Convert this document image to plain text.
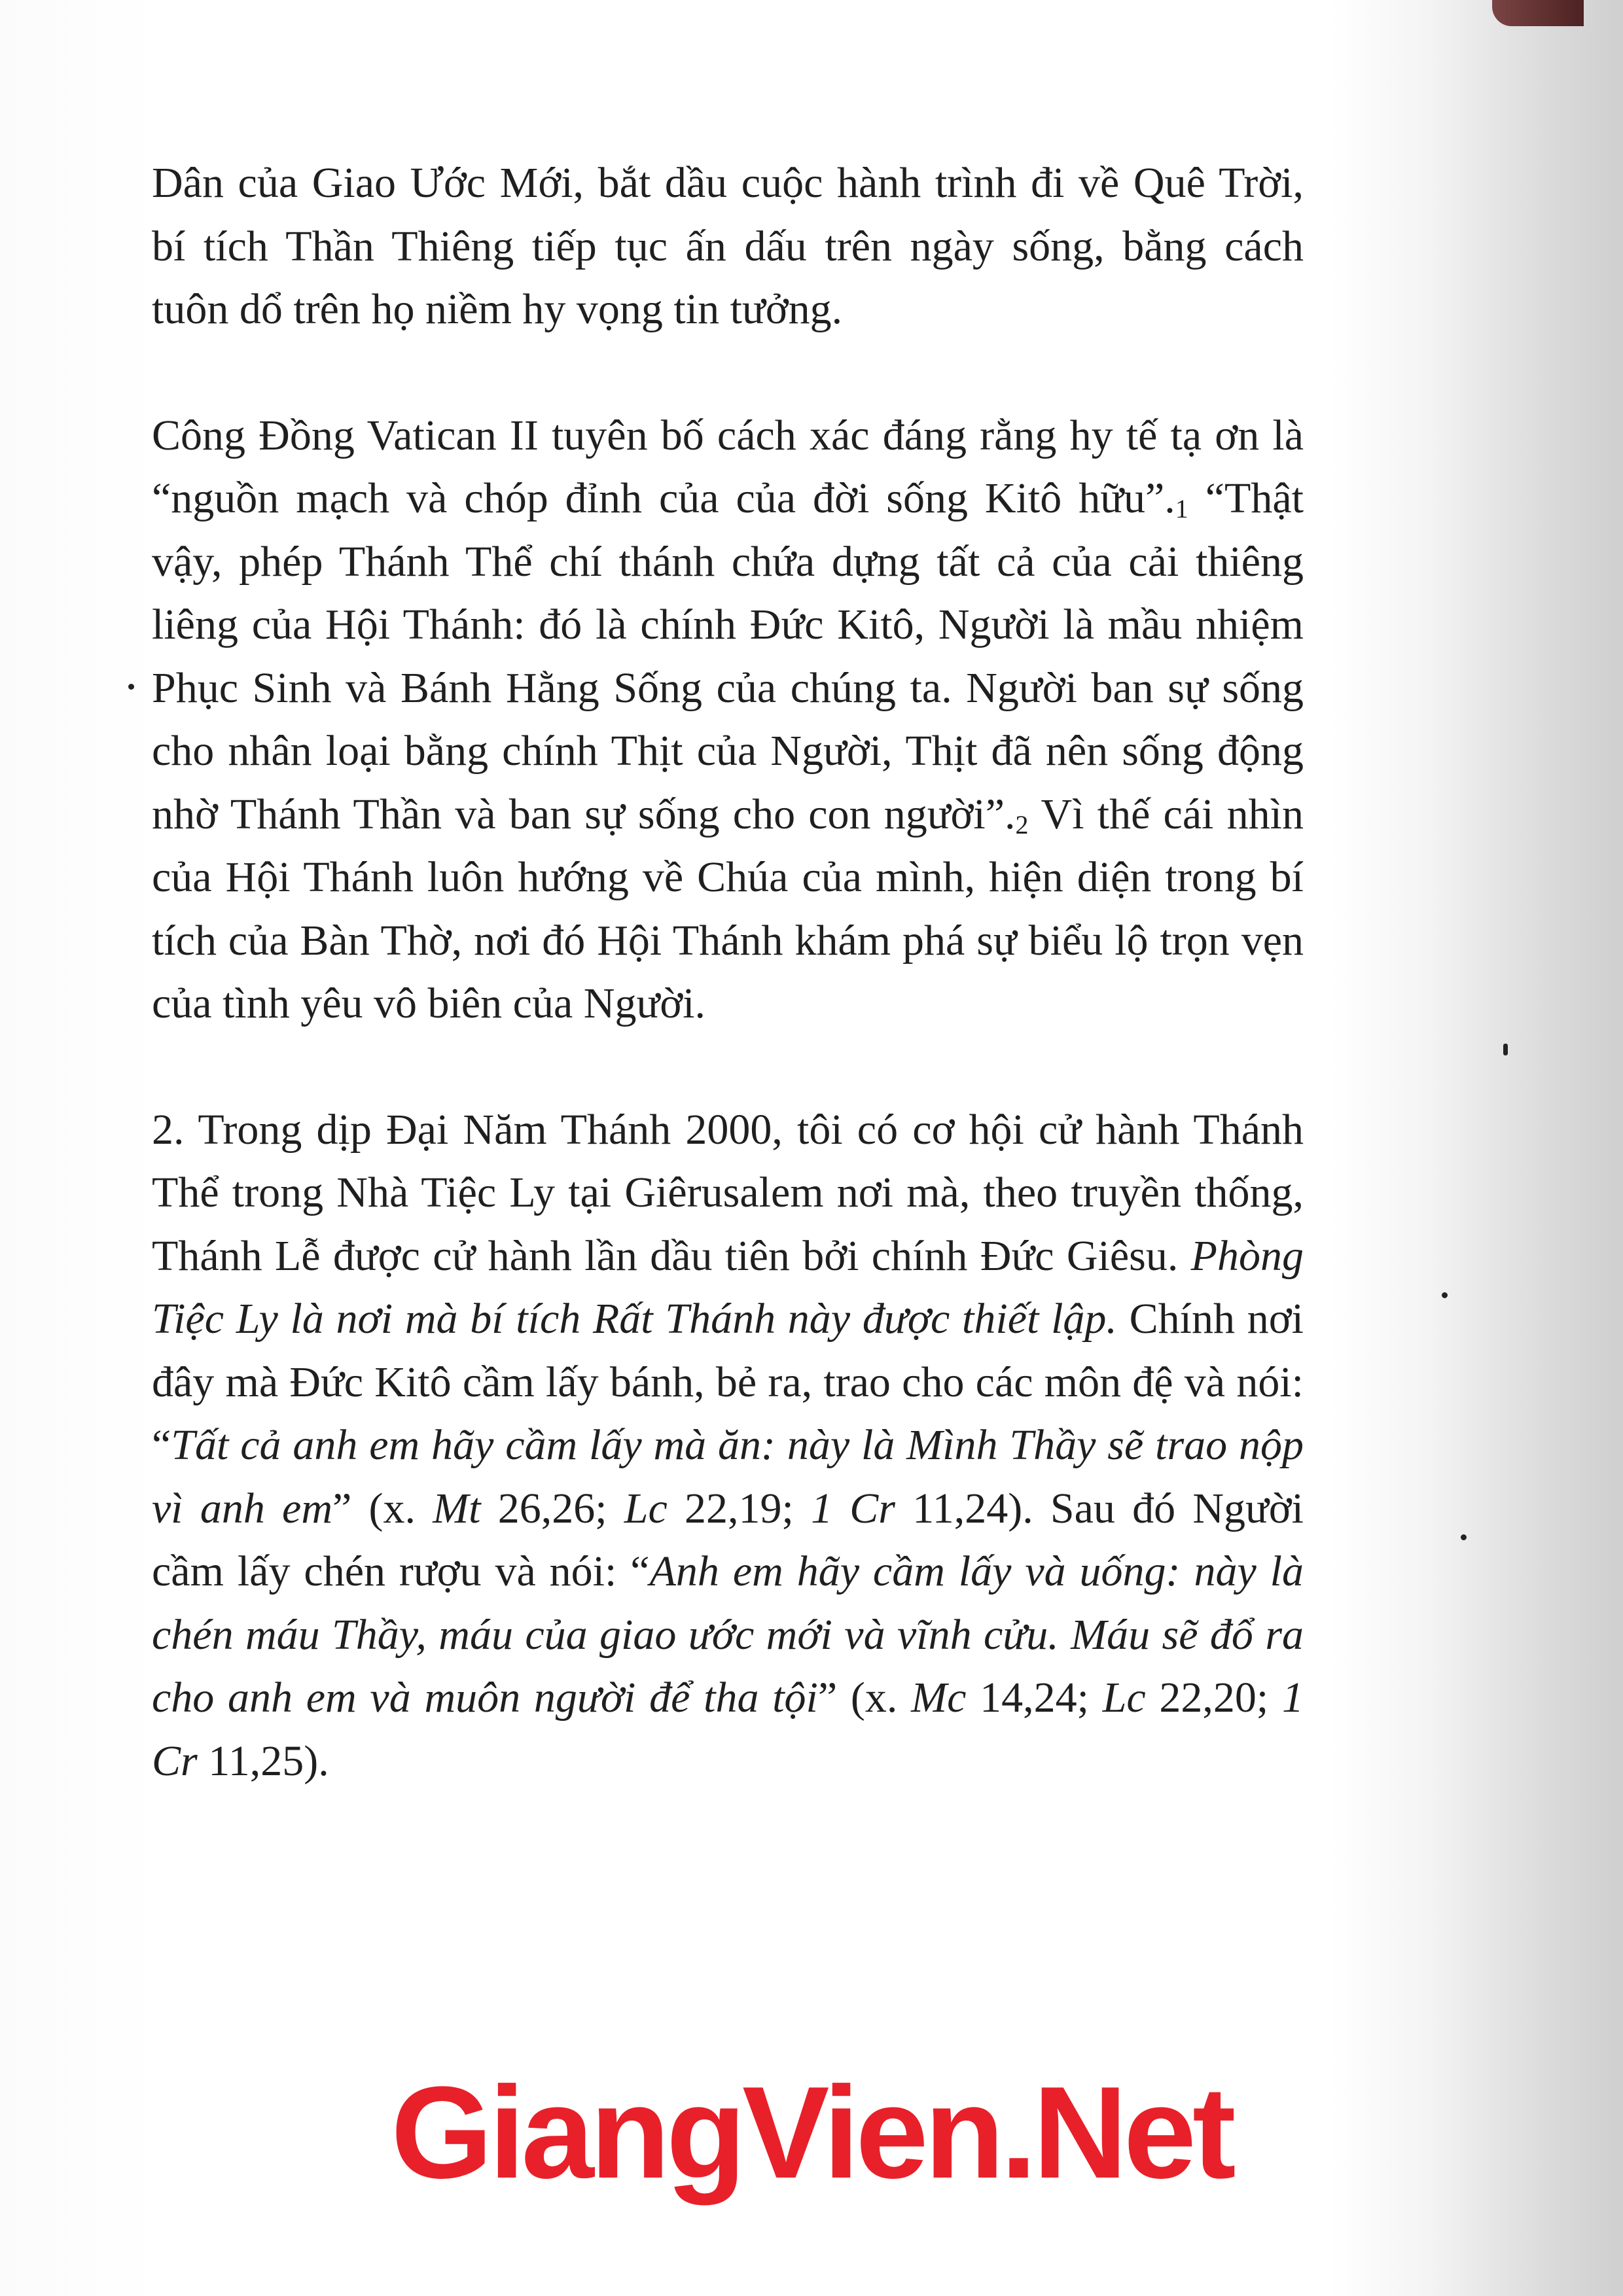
Dân của Giao Ước Mới, bắt dầu cuộc hành trình đi về Quê Trời, bí tích Thần Thiêng tiếp tục ấn dấu trên ngày sống, bằng cách tuôn dổ trên họ niềm hy vọng tin tưởng.

Công Đồng Vatican II tuyên bố cách xác đáng rằng hy tế tạ ơn là “nguồn mạch và chóp đỉnh của của đời sống Kitô $hữu”._1$ “Thật vậy, phép Thánh Thể chí thánh chứa dựng tất cả của cải thiêng liêng của Hội Thánh: đó là chính Đức Kitô, Người là mầu nhiệm Phục Sinh và Bánh Hằng Sống của chúng ta. Người ban sự sống cho nhân loại bằng chính Thịt của Người, Thịt đã nên sống động nhờ Thánh Thần và ban sự sống cho con $người”._2$ Vì thế cái nhìn của Hội Thánh luôn hướng về Chúa của mình, hiện diện trong bí tích của Bàn Thờ, nơi đó Hội Thánh khám phá sự biểu lộ trọn vẹn của tình yêu vô biên của Người.

2. Trong dịp Đại Năm Thánh 2000, tôi có cơ hội cử hành Thánh Thể trong Nhà Tiệc Ly tại Giêrusalem nơi mà, theo truyền thống, Thánh Lễ được cử hành lần dầu tiên bởi chính Đức Giêsu. Phòng Tiệc Ly là nơi mà bí tích Rất Thánh này được thiết lập. Chính nơi đây mà Đức Kitô cầm lấy bánh, bẻ ra, trao cho các môn đệ và nói: “Tất cả anh em hãy cầm lấy mà ăn: này là Mình Thầy sẽ trao nộp vì anh em” (x. Mt 26,26; Lc 22,19; 1 Cr 11,24). Sau đó Người cầm lấy chén rượu và nói: “Anh em hãy cầm lấy và uống: này là chén máu Thầy, máu của giao ước mới và vĩnh cửu. Máu sẽ đổ ra cho anh em và muôn người để tha tội” (x. Mc 14,24; Lc 22,20; 1 Cr 11,25).

GiangVien.Net
